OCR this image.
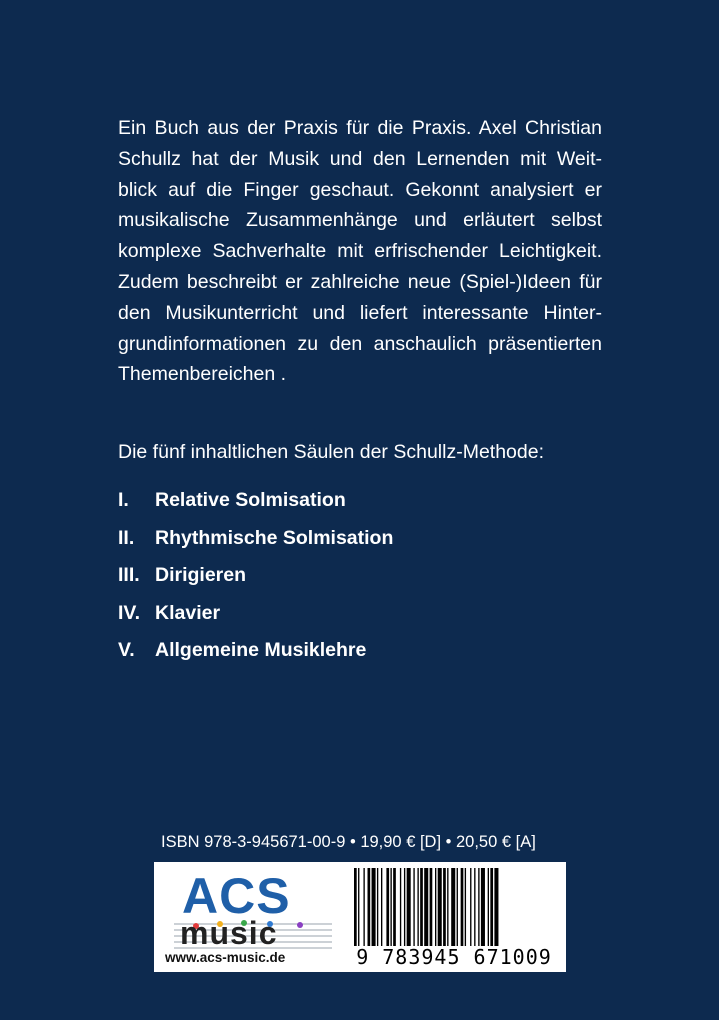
Ein Buch aus der Praxis für die Praxis. Axel Christian
Schullz hat der Musik und den Lernenden mit Weit-
blick auf die Finger geschaut. Gekonnt analysiert er
musikalische Zusammenhänge und erläutert selbst
komplexe Sachverhalte mit erfrischender Leichtigkeit.
Zudem beschreibt er zahlreiche neue (Spiel-)Ideen für
den Musikunterricht und liefert interessante Hinter-
grundinformationen zu den anschaulich präsentierten
Themenbereichen .

Die fünf inhaltlichen Säulen der Schullz-Methode:

I.	Relative Solmisation
II.	Rhythmische Solmisation
III. Dirigieren
IV. Klavier
V.	Allgemeine Musiklehre
ISBN 978-3-945671-00-9 • 19,90 € [D] • 20,50 € [A]
ACS
music
www.acs-music.de	9 783945 671009
